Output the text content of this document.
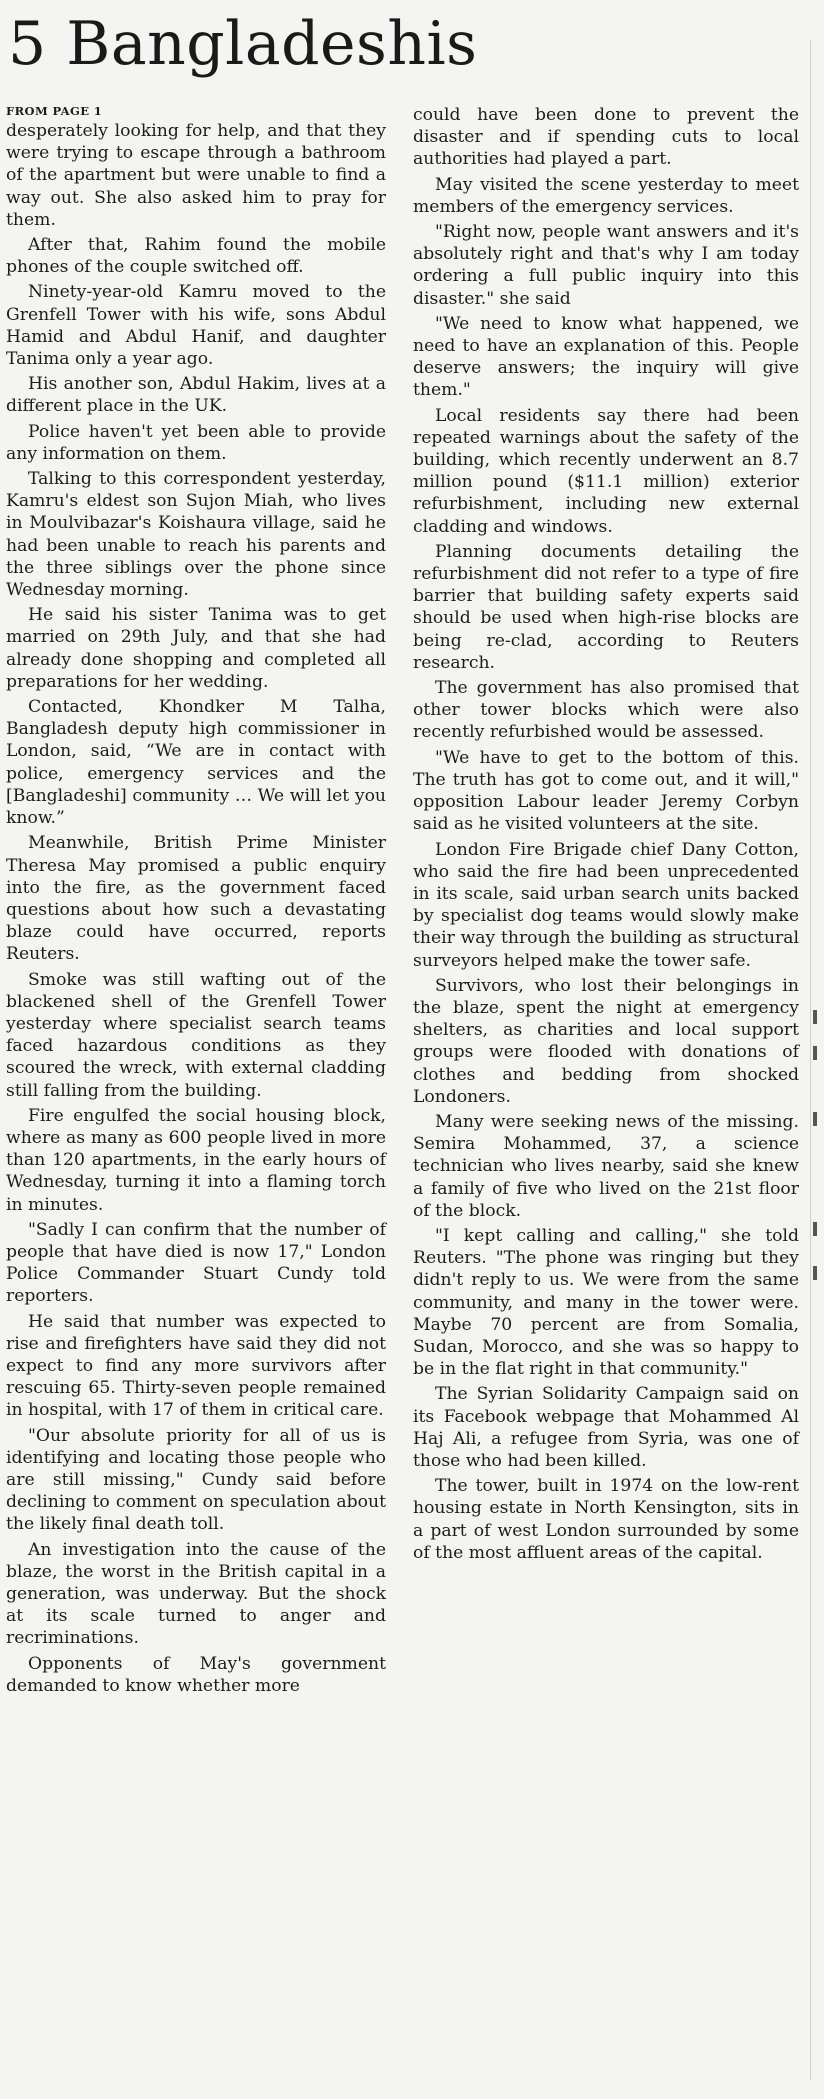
5 Bangladeshis
FROM PAGE 1

desperately looking for help, and that they were trying to escape through a bathroom of the apartment but were unable to find a way out. She also asked him to pray for them.

After that, Rahim found the mobile phones of the couple switched off.

Ninety-year-old Kamru moved to the Grenfell Tower with his wife, sons Abdul Hamid and Abdul Hanif, and daughter Tanima only a year ago.

His another son, Abdul Hakim, lives at a different place in the UK.

Police haven't yet been able to provide any information on them.

Talking to this correspondent yesterday, Kamru's eldest son Sujon Miah, who lives in Moulvibazar's Koishaura village, said he had been unable to reach his parents and the three siblings over the phone since Wednesday morning.

He said his sister Tanima was to get married on 29th July, and that she had already done shopping and completed all preparations for her wedding.

Contacted, Khondker M Talha, Bangladesh deputy high commissioner in London, said, “We are in contact with police, emergency services and the [Bangladeshi] community … We will let you know.”

Meanwhile, British Prime Minister Theresa May promised a public enquiry into the fire, as the government faced questions about how such a devastating blaze could have occurred, reports Reuters.

Smoke was still wafting out of the blackened shell of the Grenfell Tower yesterday where specialist search teams faced hazardous conditions as they scoured the wreck, with external cladding still falling from the building.

Fire engulfed the social housing block, where as many as 600 people lived in more than 120 apartments, in the early hours of Wednesday, turning it into a flaming torch in minutes.

"Sadly I can confirm that the number of people that have died is now 17," London Police Commander Stuart Cundy told reporters.

He said that number was expected to rise and firefighters have said they did not expect to find any more survivors after rescuing 65. Thirty-seven people remained in hospital, with 17 of them in critical care.

"Our absolute priority for all of us is identifying and locating those people who are still missing," Cundy said before declining to comment on speculation about the likely final death toll.

An investigation into the cause of the blaze, the worst in the British capital in a generation, was underway. But the shock at its scale turned to anger and recriminations.

Opponents of May's government demanded to know whether more

could have been done to prevent the disaster and if spending cuts to local authorities had played a part.

May visited the scene yesterday to meet members of the emergency services.

"Right now, people want answers and it's absolutely right and that's why I am today ordering a full public inquiry into this disaster." she said

"We need to know what happened, we need to have an explanation of this. People deserve answers; the inquiry will give them."

Local residents say there had been repeated warnings about the safety of the building, which recently underwent an 8.7 million pound ($11.1 million) exterior refurbishment, including new external cladding and windows.

Planning documents detailing the refurbishment did not refer to a type of fire barrier that building safety experts said should be used when high-rise blocks are being re-clad, according to Reuters research.

The government has also promised that other tower blocks which were also recently refurbished would be assessed.

"We have to get to the bottom of this. The truth has got to come out, and it will," opposition Labour leader Jeremy Corbyn said as he visited volunteers at the site.

London Fire Brigade chief Dany Cotton, who said the fire had been unprecedented in its scale, said urban search units backed by specialist dog teams would slowly make their way through the building as structural surveyors helped make the tower safe.

Survivors, who lost their belongings in the blaze, spent the night at emergency shelters, as charities and local support groups were flooded with donations of clothes and bedding from shocked Londoners.

Many were seeking news of the missing. Semira Mohammed, 37, a science technician who lives nearby, said she knew a family of five who lived on the 21st floor of the block.

"I kept calling and calling," she told Reuters. "The phone was ringing but they didn't reply to us. We were from the same community, and many in the tower were. Maybe 70 percent are from Somalia, Sudan, Morocco, and she was so happy to be in the flat right in that community."

The Syrian Solidarity Campaign said on its Facebook webpage that Mohammed Al Haj Ali, a refugee from Syria, was one of those who had been killed.

The tower, built in 1974 on the low-rent housing estate in North Kensington, sits in a part of west London surrounded by some of the most affluent areas of the capital.
